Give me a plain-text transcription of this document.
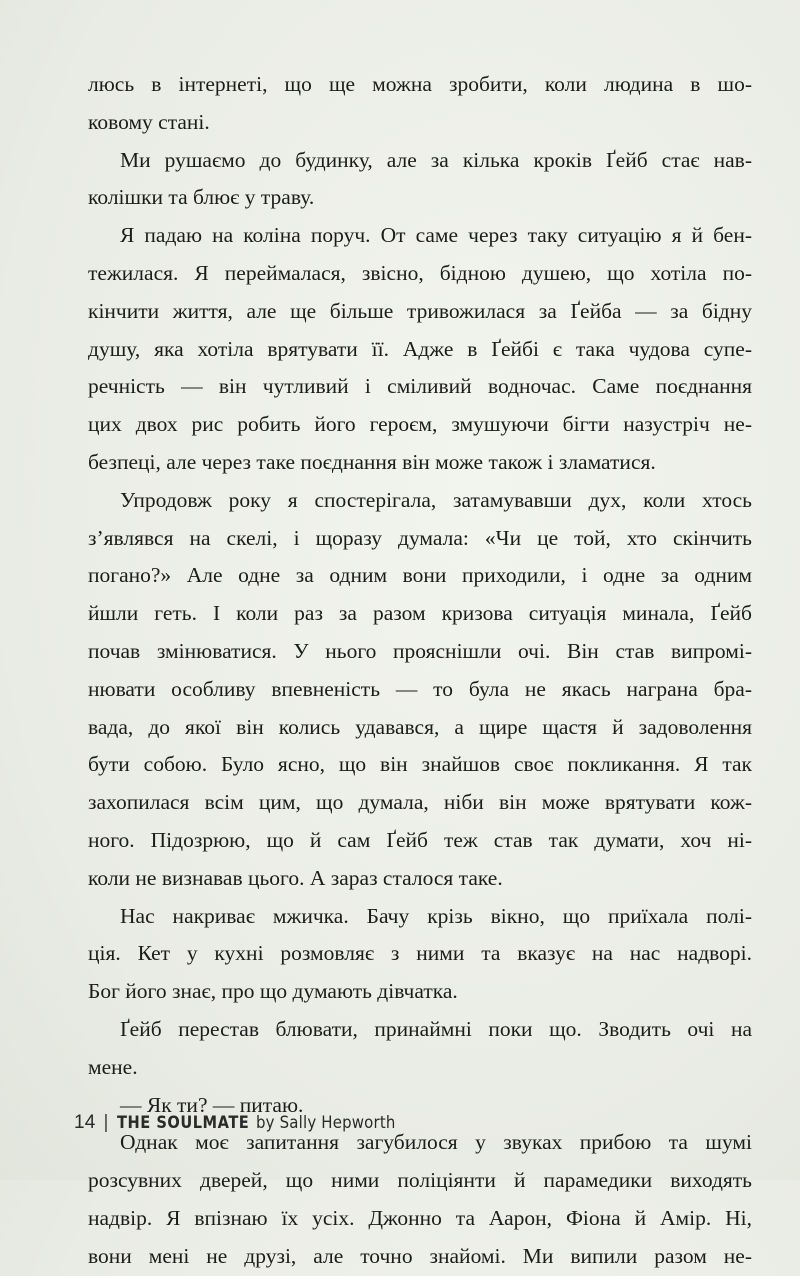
люсь в інтернеті, що ще можна зробити, коли людина в шо-
ковому стані.
Ми рушаємо до будинку, але за кілька кроків Ґейб стає нав-
колішки та блює у траву.
Я падаю на коліна поруч. От саме через таку ситуацію я й бен-
тежилася. Я переймалася, звісно, бідною душею, що хотіла по-
кінчити життя, але ще більше тривожилася за Ґейба — за бідну
душу, яка хотіла врятувати її. Адже в Ґейбі є така чудова супе-
речність — він чутливий і сміливий водночас. Саме поєднання
цих двох рис робить його героєм, змушуючи бігти назустріч не-
безпеці, але через таке поєднання він може також і зламатися.
Упродовж року я спостерігала, затамувавши дух, коли хтось
з’являвся на скелі, і щоразу думала: «Чи це той, хто скінчить
погано?» Але одне за одним вони приходили, і одне за одним
йшли геть. І коли раз за разом кризова ситуація минала, Ґейб
почав змінюватися. У нього прояснішли очі. Він став випромі-
нювати особливу впевненість — то була не якась награна бра-
вада, до якої він колись удавався, а щире щастя й задоволення
бути собою. Було ясно, що він знайшов своє покликання. Я так
захопилася всім цим, що думала, ніби він може врятувати кож-
ного. Підозрюю, що й сам Ґейб теж став так думати, хоч ні-
коли не визнавав цього. А зараз сталося таке.
Нас накриває мжичка. Бачу крізь вікно, що приїхала полі-
ція. Кет у кухні розмовляє з ними та вказує на нас надворі.
Бог його знає, про що думають дівчатка.
Ґейб перестав блювати, принаймні поки що. Зводить очі на
мене.
— Як ти? — питаю.
Однак моє запитання загубилося у звуках прибою та шумі
розсувних дверей, що ними поліціянти й парамедики виходять
надвір. Я впізнаю їх усіх. Джонно та Аарон, Фіона й Амір. Ні,
вони мені не друзі, але точно знайомі. Ми випили разом не-
14 | THE SOULMATE by Sally Hepworth
